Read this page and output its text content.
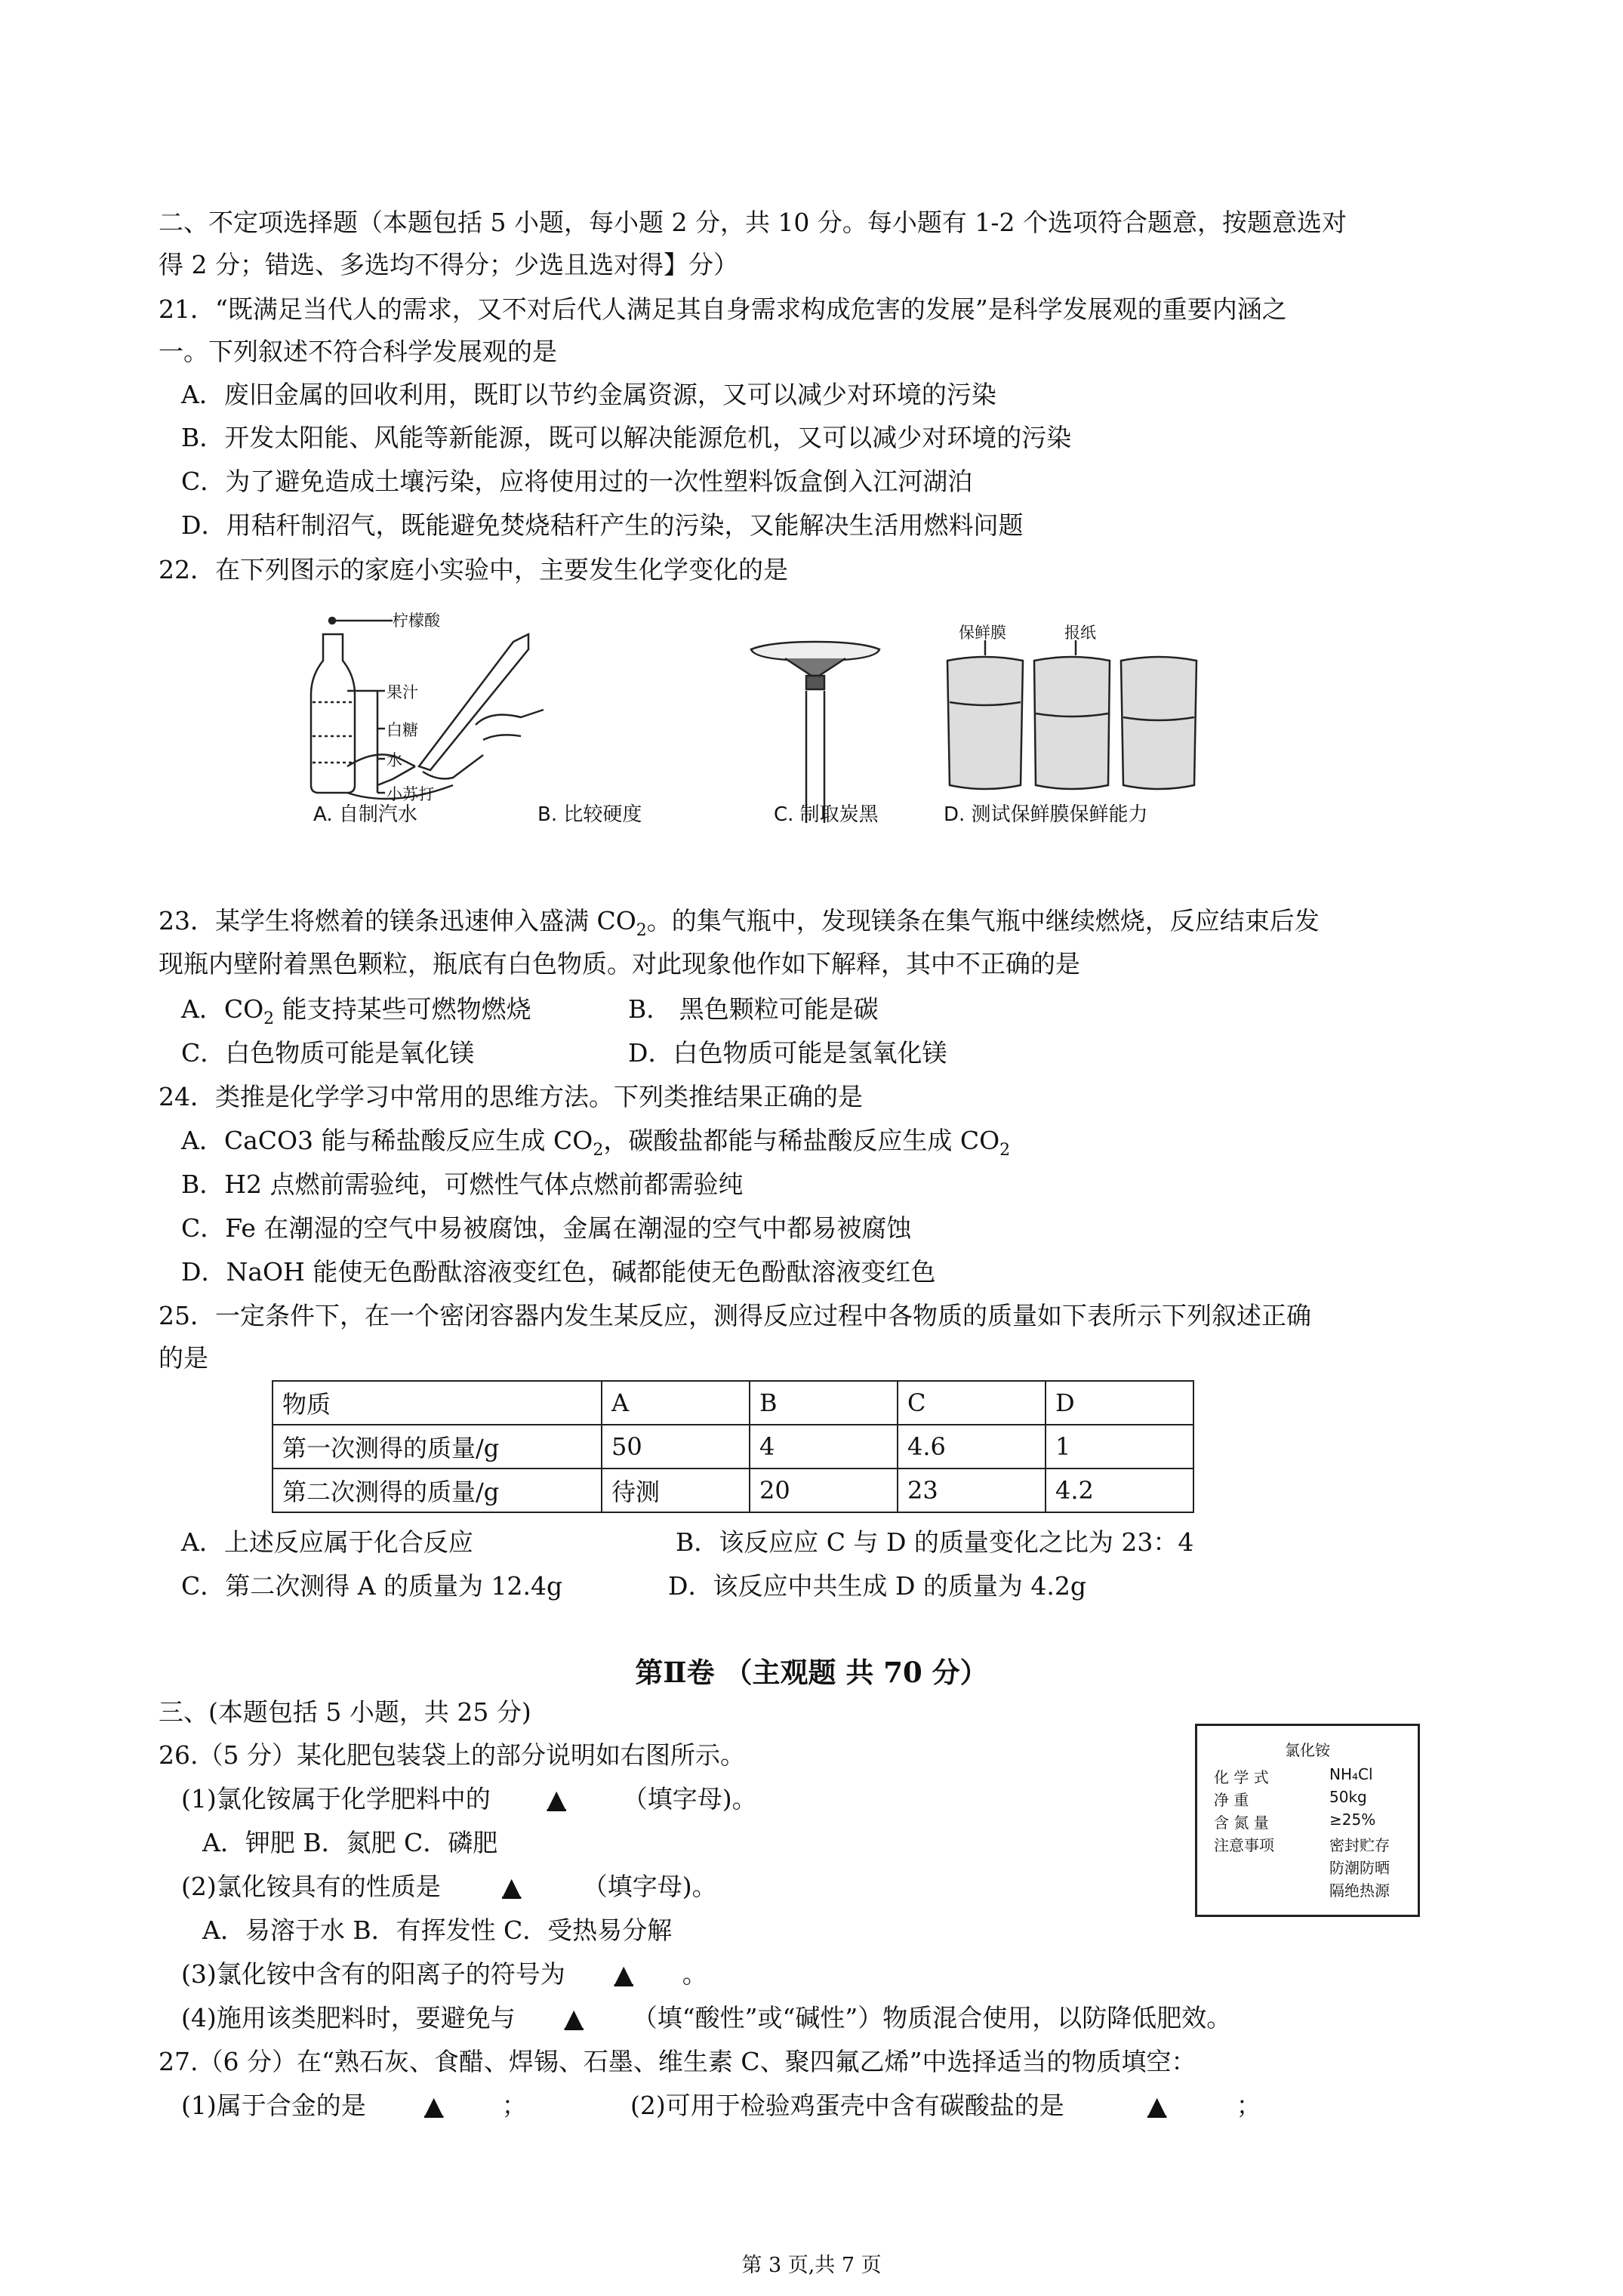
二、不定项选择题（本题包括 5 小题，每小题 2 分，共 10 分。每小题有 1-2 个选项符合题意，按题意选对
得 2 分；错选、多选均不得分；少选且选对得】分）
21．“既满足当代人的需求，又不对后代人满足其自身需求构成危害的发展”是科学发展观的重要内涵之
一。下列叙述不符合科学发展观的是
A．废旧金属的回收利用，既盯以节约金属资源，又可以减少对环境的污染
B．开发太阳能、风能等新能源，既可以解决能源危机，又可以减少对环境的污染
C．为了避免造成土壤污染，应将使用过的一次性塑料饭盒倒入江河湖泊
D．用秸秆制沼气，既能避免焚烧秸秆产生的污染，又能解决生活用燃料问题
22．在下列图示的家庭小实验中，主要发生化学变化的是
柠檬酸
果汁
白糖
水
小苏打
保鲜膜	报纸
A. 自制汽水	B. 比较硬度	C. 制取炭黑	D. 测试保鲜膜保鲜能力
23．某学生将燃着的镁条迅速伸入盛满 $CO_2$。的集气瓶中，发现镁条在集气瓶中继续燃烧，反应结束后发
现瓶内壁附着黑色颗粒，瓶底有白色物质。对此现象他作如下解释，其中不正确的是
A．$CO_2$ 能支持某些可燃物燃烧	B． 黑色颗粒可能是碳
C．白色物质可能是氧化镁	D．白色物质可能是氢氧化镁
24．类推是化学学习中常用的思维方法。下列类推结果正确的是
A．CaCO3 能与稀盐酸反应生成 $CO_2$，碳酸盐都能与稀盐酸反应生成 $CO_2$
B．H2 点燃前需验纯，可燃性气体点燃前都需验纯
C．Fe 在潮湿的空气中易被腐蚀，金属在潮湿的空气中都易被腐蚀
D．NaOH 能使无色酚酞溶液变红色，碱都能使无色酚酞溶液变红色
25．一定条件下，在一个密闭容器内发生某反应，测得反应过程中各物质的质量如下表所示下列叙述正确
的是
物质	A	B	C	D
第一次测得的质量/g	50	4	4.6	1
第二次测得的质量/g	待测	20	23	4.2
A．上述反应属于化合反应	B．该反应应 C 与 D 的质量变化之比为 23：4
C．第二次测得 A 的质量为 12.4g	D．该反应中共生成 D 的质量为 4.2g
第Ⅱ卷 （主观题 共 70 分）
三、(本题包括 5 小题，共 25 分)
26.（5 分）某化肥包装袋上的部分说明如右图所示。
(1)氯化铵属于化学肥料中的 ▲ （填字母)。
A．钾肥 B．氮肥 C．磷肥
(2)氯化铵具有的性质是 ▲ （填字母)。
A．易溶于水 B．有挥发性 C．受热易分解
(3)氯化铵中含有的阳离子的符号为 ▲ 。
(4)施用该类肥料时，要避免与 ▲ （填“酸性”或“碱性”）物质混合使用，以防降低肥效。
氯化铵
化 学 式	NH₄Cl
净 重	50kg
含 氮 量	≥25%
注意事项	密封贮存
防潮防晒
隔绝热源
27.（6 分）在“熟石灰、食醋、焊锡、石墨、维生素 C、聚四氟乙烯”中选择适当的物质填空：
(1)属于合金的是 ▲ ；	(2)可用于检验鸡蛋壳中含有碳酸盐的是	▲	；
第 3 页,共 7 页
